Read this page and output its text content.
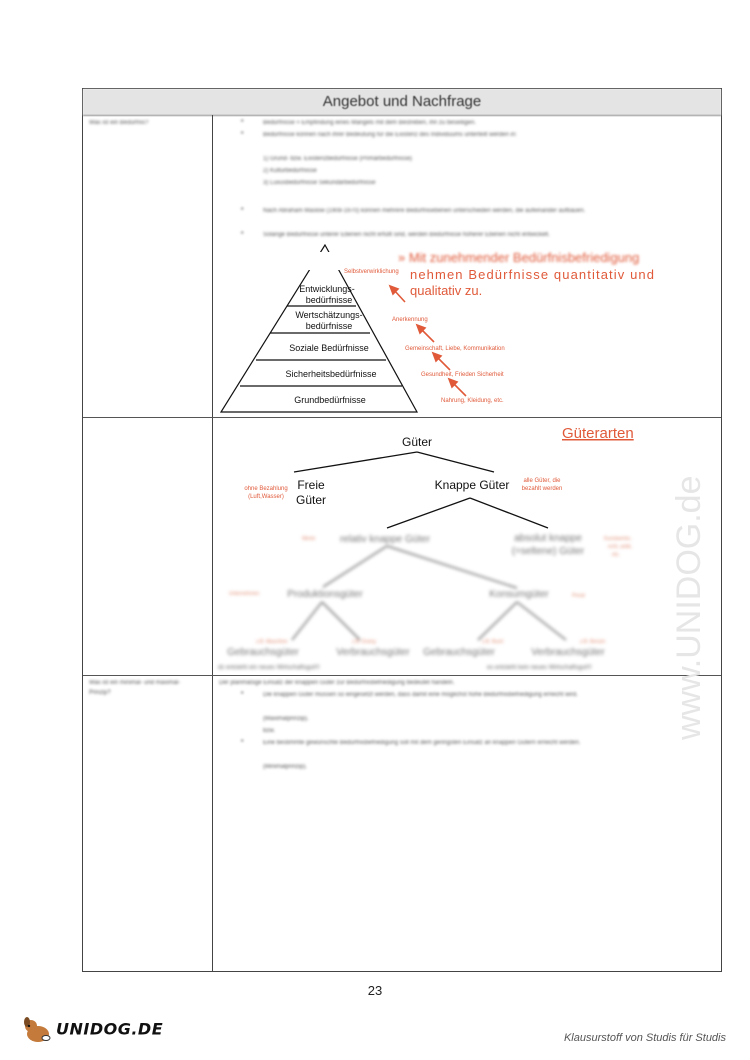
Angebot und Nachfrage
Was ist ein Bedürfnis?	•	Bedürfnisse = Empfindung eines Mangels mit dem Bestreben, ihn zu beseitigen.
•	Bedürfnisse können nach ihrer Bedeutung für die Existenz des Individuums unterteilt werden in:
1) Grund- bzw. Existenzbedürfnisse (Primärbedürfnisse)
2) Kulturbedürfnisse
3) Luxusbedürfnisse Sekundärbedürfnisse
•	Nach Abraham Maslow (1908-1970) können mehrere Bedürfnisebenen unterschieden werden, die aufeinander aufbauen.
•	Solange Bedürfnisse unterer Ebenen nicht erfüllt sind, werden Bedürfnisse höherer Ebenen nicht entwickelt.
Was ist ein minimal- und maximal-Prinzip?
Der planmäßige Einsatz der knappen Güter zur Bedürfnisbefriedigung bedeutet handeln.
•	Die knappen Güter müssen so eingesetzt werden, dass damit eine möglichst hohe Bedürfnisbefriedigung erreicht wird.
(Maximalprinzip).
bzw.
•	Eine bestimmte gewünschte Bedürfnisbefriedigung soll mit dem geringsten Einsatz an knappen Gütern erreicht werden.
(Minimalprinzip).
Entwicklungs-bedürfnisse
Wertschätzungs-bedürfnisse
Soziale Bedürfnisse
Sicherheitsbedürfnisse
Grundbedürfnisse
Selbstverwirklichung
Anerkennung
Gemeinschaft, Liebe, Kommunikation
Gesundheit, Frieden Sicherheit
Nahrung, Kleidung, etc.
» Mit zunehmender Bedürfnisbefriedigung
nehmen Bedürfnisse quantitativ und
qualitativ zu.
Güterarten
Güter
Freie Güter
Knappe Güter
ohne Bezahlung (Luft,Wasser)
alle Güter, die bezahlt werden
relativ knappe Güter	absolut knappe (=seltene) Güter
Produktionsgüter	Konsumgüter
Gebrauchsgüter	Verbrauchsgüter Gebrauchsgüter	Verbrauchsgüter
Werte	Kunstwerke,
echt, antik,
etc.
Unternehmen	Privat
z.B. Maschine	z.B. Energ.	z.B. Buch	z.B. Benzin
dz entsteht ein neues Wirtschaftsgut!!!	es entsteht kein neues Wirtschaftsgut!!! www.UNIDOG.de
23
UNIDOG.DE	Klausurstoff von Studis für Studis
